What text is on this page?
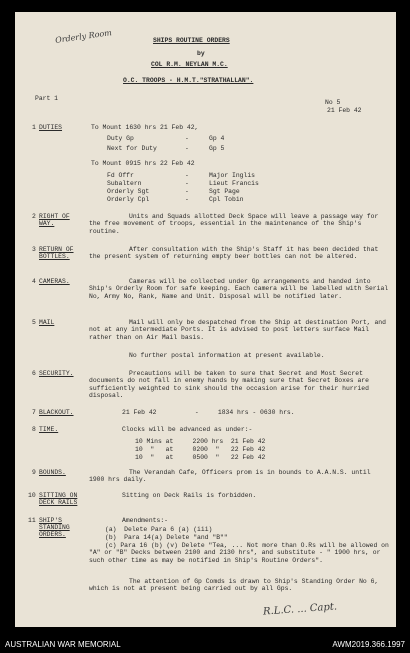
Orderly Room	SHIPS ROUTINE ORDERS
by
COL R.M. NEYLAN M.C.
O.C. TROOPS - H.M.T."STRATHALLAN".
Part 1
No 5
21 Feb 42
1 DUTIES	To Mount 1630 hrs 21 Feb 42,
Duty Gp	-	Gp 4
Next for Duty	-	Gp 5
To Mount 0915 hrs 22 Feb 42
Fd Offr	-	Major Inglis
Subaltern	-	Lieut Francis
Orderly Sgt	-	Sgt Page
Orderly Cpl	-	Cpl Tobin
2 RIGHT OF
WAY.
Units and Squads allotted Deck Space will leave a passage way for the free movement of troops, essential in the maintenance of the Ship's routine.
3 RETURN OF
BOTTLES.
After consultation with the Ship's Staff it has been decided that the present system of returning empty beer bottles can not be altered.
4 CAMERAS.	Cameras will be collected under Gp arrangements and handed into Ship's Orderly Room for safe keeping. Each camera will be labelled with Serial No, Army No, Rank, Name and Unit. Disposal will be notified later.
5 MAIL	Mail will only be despatched from the Ship at destination Port, and not at any intermediate Ports. It is advised to post letters surface Mail rather than on Air Mail basis.
No further postal information at present available.
6 SECURITY.	Precautions will be taken to sure that Secret and Most Secret documents do not fall in enemy hands by making sure that Secret Boxes are sufficiently weighted to sink should the occasion arise for their hurried disposal.
7 BLACKOUT.	21 Feb 42          -     1834 hrs - 0630 hrs.
8 TIME.	Clocks will be advanced as under:-
10 Mins at     2200 hrs  21 Feb 42
10  "   at     0200  "   22 Feb 42
10  "   at     0500  "   22 Feb 42
9 BOUNDS.	The Verandah Cafe, Officers prom is in bounds to A.A.N.S. until 1900 hrs daily.
10 SITTING ON
DECK RAILS
Sitting on Deck Rails is forbidden.
11 SHIP'S
STANDING
ORDERS.
Amendments:-
(a)  Delete Para 6 (a) (iii)
(b)  Para 14(a) Delete "and "B""
(c) Para 16 (b) (v) Delete "Tea, ... Not more than O.Rs will be allowed on "A" or "B" Decks between 2100 and 2130 hrs", and substitute - " 1900 hrs, or such other time as may be notified in Ship's Routine Orders".
The attention of Gp Comds is drawn to Ship's Standing Order No 6, which is not at present being carried out by all Gps.
R.L.C. ... Capt.
AUSTRALIAN WAR MEMORIAL	AWM2019.366.1997
